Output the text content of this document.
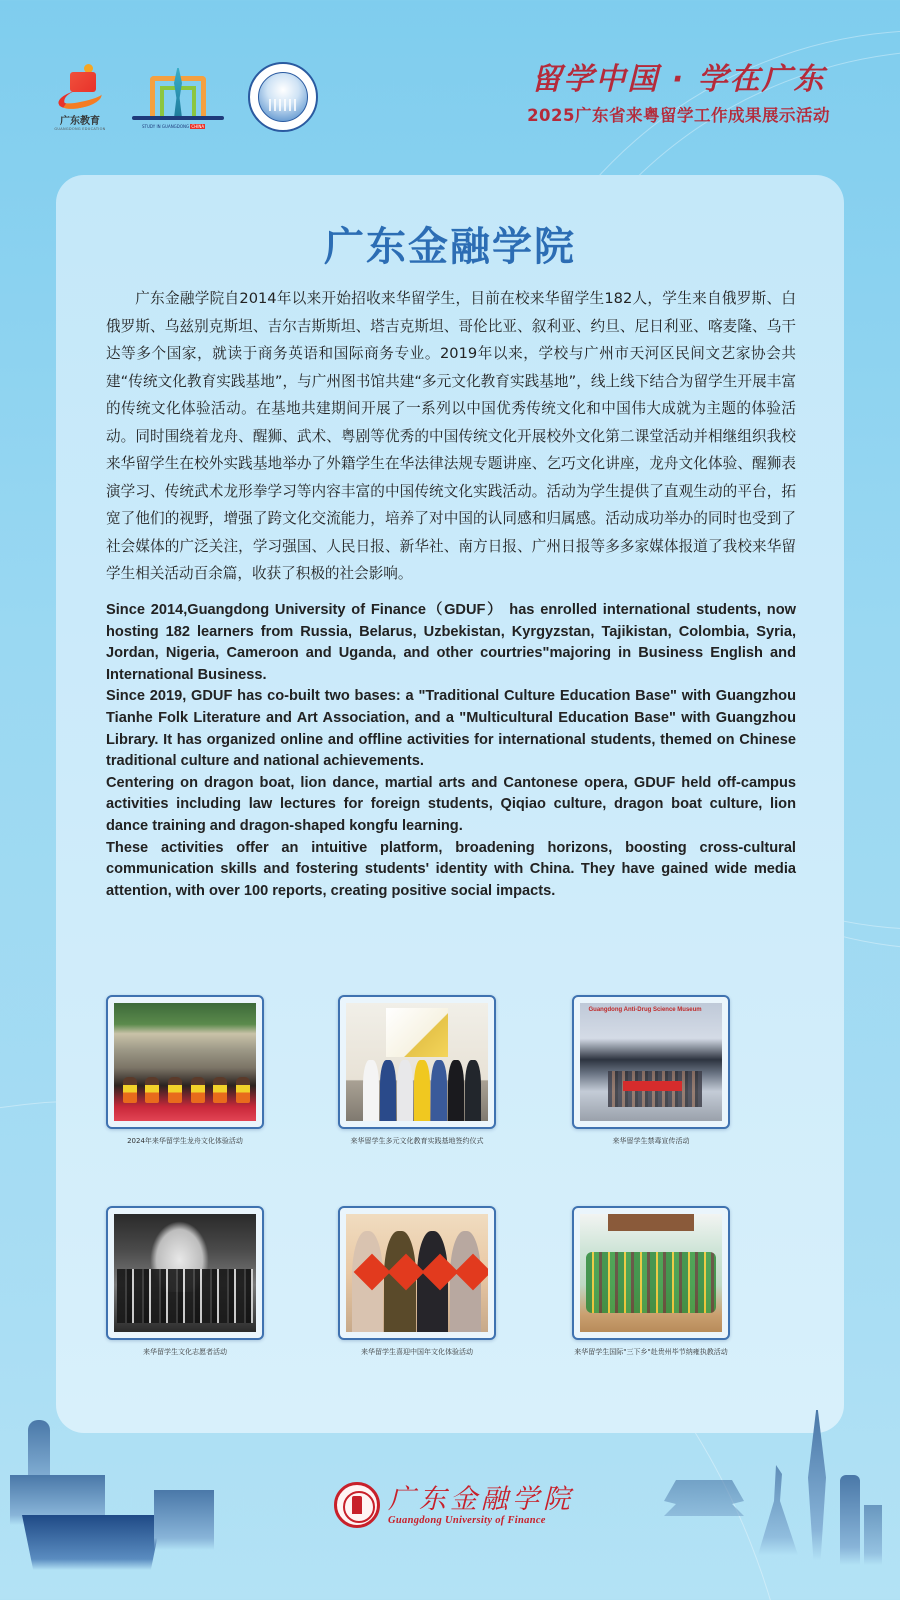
广东教育
GUANGDONG EDUCATION	STUDY IN GUANGDONG CHINA
留学中国 · 学在广东
2025广东省来粤留学工作成果展示活动
广东金融学院
广东金融学院自2014年以来开始招收来华留学生，目前在校来华留学生182人，学生来自俄罗斯、白俄罗斯、乌兹别克斯坦、吉尔吉斯斯坦、塔吉克斯坦、哥伦比亚、叙利亚、约旦、尼日利亚、喀麦隆、乌干达等多个国家，就读于商务英语和国际商务专业。2019年以来，学校与广州市天河区民间文艺家协会共建“传统文化教育实践基地”，与广州图书馆共建“多元文化教育实践基地”，线上线下结合为留学生开展丰富的传统文化体验活动。在基地共建期间开展了一系列以中国优秀传统文化和中国伟大成就为主题的体验活动。同时围绕着龙舟、醒狮、武术、粤剧等优秀的中国传统文化开展校外文化第二课堂活动并相继组织我校来华留学生在校外实践基地举办了外籍学生在华法律法规专题讲座、乞巧文化讲座，龙舟文化体验、醒狮表演学习、传统武术龙形拳学习等内容丰富的中国传统文化实践活动。活动为学生提供了直观生动的平台，拓宽了他们的视野，增强了跨文化交流能力，培养了对中国的认同感和归属感。活动成功举办的同时也受到了社会媒体的广泛关注，学习强国、人民日报、新华社、南方日报、广州日报等多多家媒体报道了我校来华留学生相关活动百余篇，收获了积极的社会影响。

Since 2014,Guangdong University of Finance（GDUF） has enrolled international students, now hosting 182 learners from Russia, Belarus, Uzbekistan, Kyrgyzstan, Tajikistan, Colombia, Syria, Jordan, Nigeria, Cameroon and Uganda, and other courtries"majoring in Business English and International Business.

Since 2019, GDUF has co-built two bases: a "Traditional Culture Education Base" with Guangzhou Tianhe Folk Literature and Art Association, and a "Multicultural Education Base" with Guangzhou Library. It has organized online and offline activities for international students, themed on Chinese traditional culture and national achievements.

Centering on dragon boat, lion dance, martial arts and Cantonese opera, GDUF held off-campus activities including law lectures for foreign students, Qiqiao culture, dragon boat culture, lion dance training and dragon-shaped kongfu learning.

These activities offer an intuitive platform, broadening horizons, boosting cross-cultural communication skills and fostering students' identity with China. They have gained wide media attention, with over 100 reports, creating positive social impacts.

2024年来华留学生龙舟文化体验活动	来华留学生多元文化教育实践基地签约仪式
Guangdong Anti-Drug Science Museum
来华留学生禁毒宣传活动
来华留学生文化志愿者活动	来华留学生喜迎中国年文化体验活动	来华留学生国际"三下乡"赴贵州毕节纳雍执教活动
广东金融学院
Guangdong University of Finance
